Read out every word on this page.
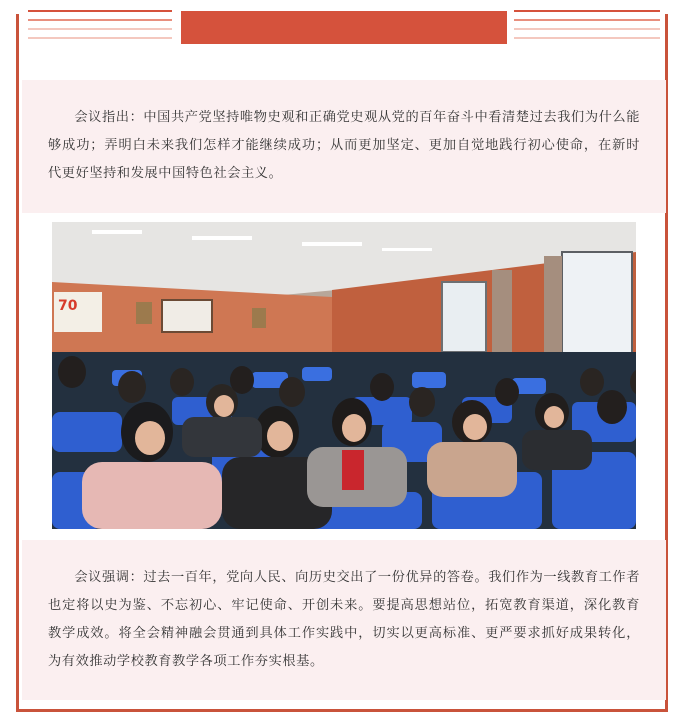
会议指出：中国共产党坚持唯物史观和正确党史观从党的百年奋斗中看清楚过去我们为什么能够成功；弄明白未来我们怎样才能继续成功；从而更加坚定、更加自觉地践行初心使命，在新时代更好坚持和发展中国特色社会主义。

70

会议强调：过去一百年，党向人民、向历史交出了一份优异的答卷。我们作为一线教育工作者也定将以史为鉴、不忘初心、牢记使命、开创未来。要提高思想站位，拓宽教育渠道，深化教育教学成效。将全会精神融会贯通到具体工作实践中，切实以更高标准、更严要求抓好成果转化，为有效推动学校教育教学各项工作夯实根基。
